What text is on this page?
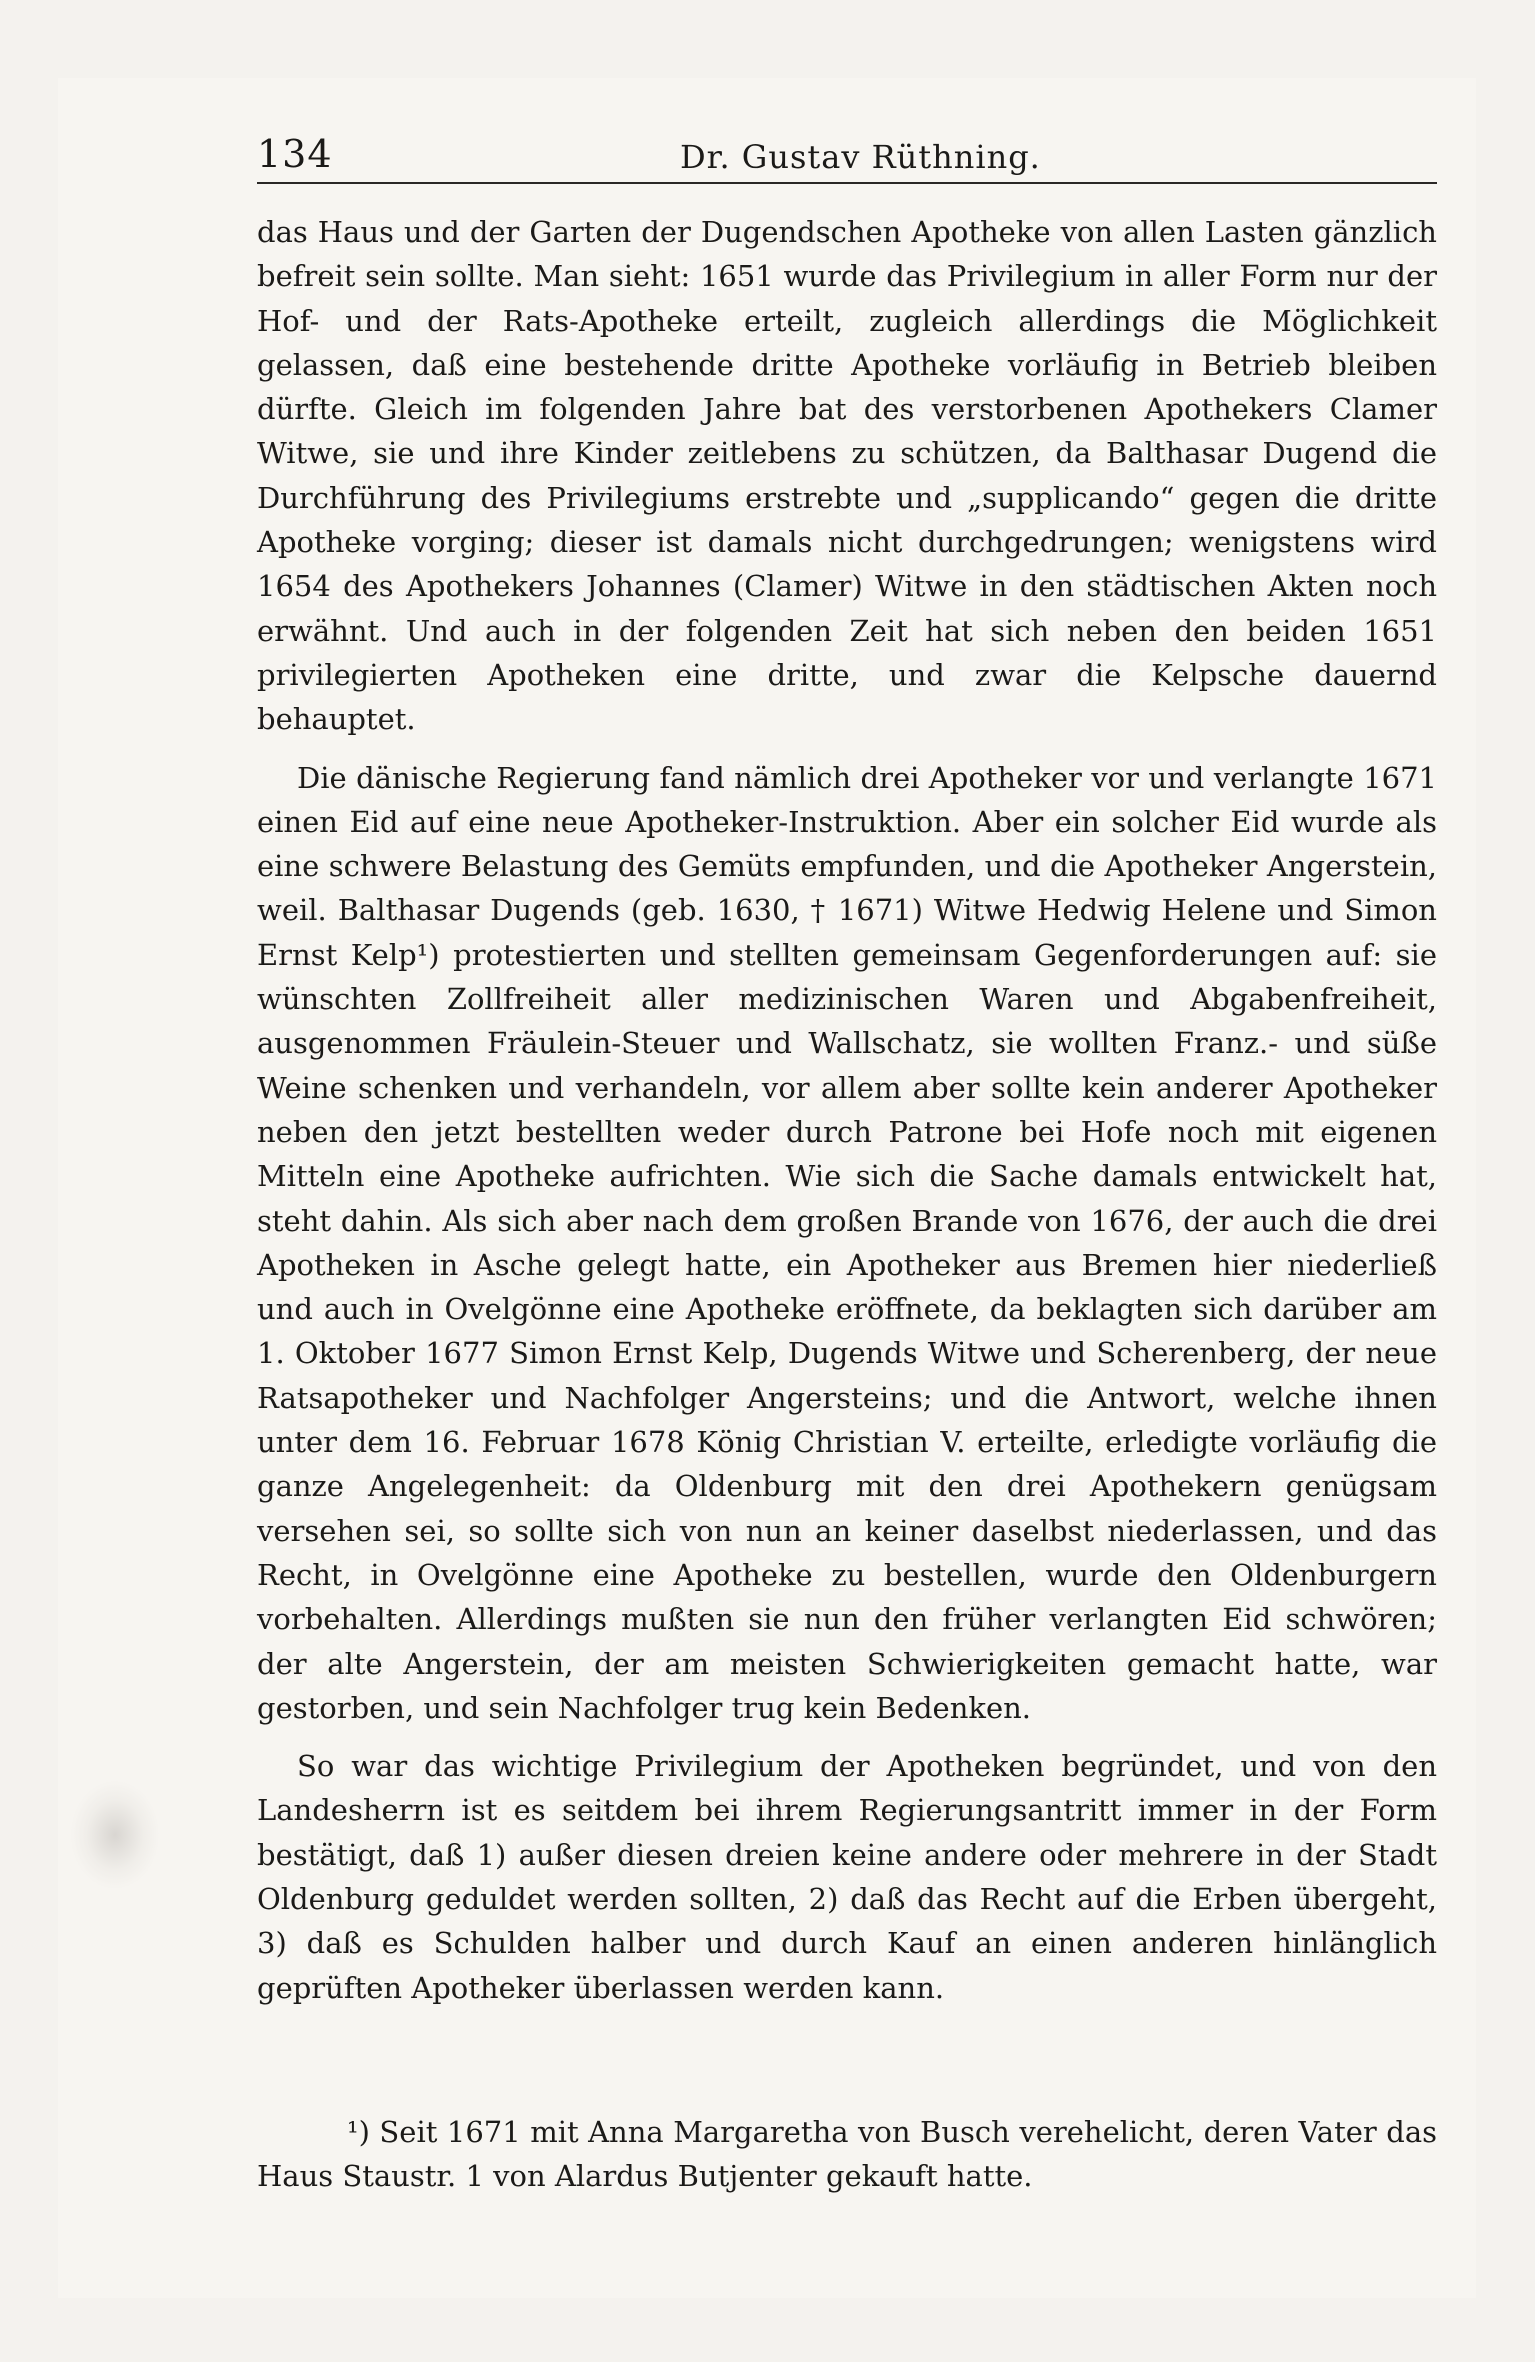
134	Dr. Gustav Rüthning.

das Haus und der Garten der Dugendschen Apotheke von allen Lasten gänzlich befreit sein sollte. Man sieht: 1651 wurde das Privilegium in aller Form nur der Hof- und der Rats-Apotheke erteilt, zugleich allerdings die Möglichkeit gelassen, daß eine bestehende dritte Apotheke vorläufig in Betrieb bleiben dürfte. Gleich im folgenden Jahre bat des verstorbenen Apothekers Clamer Witwe, sie und ihre Kinder zeitlebens zu schützen, da Balthasar Dugend die Durchführung des Privilegiums erstrebte und „supplicando“ gegen die dritte Apotheke vorging; dieser ist damals nicht durchgedrungen; wenigstens wird 1654 des Apothekers Johannes (Clamer) Witwe in den städtischen Akten noch erwähnt. Und auch in der folgenden Zeit hat sich neben den beiden 1651 privilegierten Apotheken eine dritte, und zwar die Kelpsche dauernd behauptet.

Die dänische Regierung fand nämlich drei Apotheker vor und verlangte 1671 einen Eid auf eine neue Apotheker-Instruktion. Aber ein solcher Eid wurde als eine schwere Belastung des Gemüts empfunden, und die Apotheker Angerstein, weil. Balthasar Dugends (geb. 1630, † 1671) Witwe Hedwig Helene und Simon Ernst Kelp¹) protestierten und stellten gemeinsam Gegenforderungen auf: sie wünschten Zollfreiheit aller medizinischen Waren und Abgabenfreiheit, ausgenommen Fräulein-Steuer und Wallschatz, sie wollten Franz.- und süße Weine schenken und verhandeln, vor allem aber sollte kein anderer Apotheker neben den jetzt bestellten weder durch Patrone bei Hofe noch mit eigenen Mitteln eine Apotheke aufrichten. Wie sich die Sache damals entwickelt hat, steht dahin. Als sich aber nach dem großen Brande von 1676, der auch die drei Apotheken in Asche gelegt hatte, ein Apotheker aus Bremen hier niederließ und auch in Ovelgönne eine Apotheke eröffnete, da beklagten sich darüber am 1. Oktober 1677 Simon Ernst Kelp, Dugends Witwe und Scherenberg, der neue Ratsapotheker und Nachfolger Angersteins; und die Antwort, welche ihnen unter dem 16. Februar 1678 König Christian V. erteilte, erledigte vorläufig die ganze Angelegenheit: da Oldenburg mit den drei Apothekern genügsam versehen sei, so sollte sich von nun an keiner daselbst niederlassen, und das Recht, in Ovelgönne eine Apotheke zu bestellen, wurde den Oldenburgern vorbehalten. Allerdings mußten sie nun den früher verlangten Eid schwören; der alte Angerstein, der am meisten Schwierigkeiten gemacht hatte, war gestorben, und sein Nachfolger trug kein Bedenken.

So war das wichtige Privilegium der Apotheken begründet, und von den Landesherrn ist es seitdem bei ihrem Regierungsantritt immer in der Form bestätigt, daß 1) außer diesen dreien keine andere oder mehrere in der Stadt Oldenburg geduldet werden sollten, 2) daß das Recht auf die Erben übergeht, 3) daß es Schulden halber und durch Kauf an einen anderen hinlänglich geprüften Apotheker überlassen werden kann.

¹) Seit 1671 mit Anna Margaretha von Busch verehelicht, deren Vater das Haus Staustr. 1 von Alardus Butjenter gekauft hatte.
